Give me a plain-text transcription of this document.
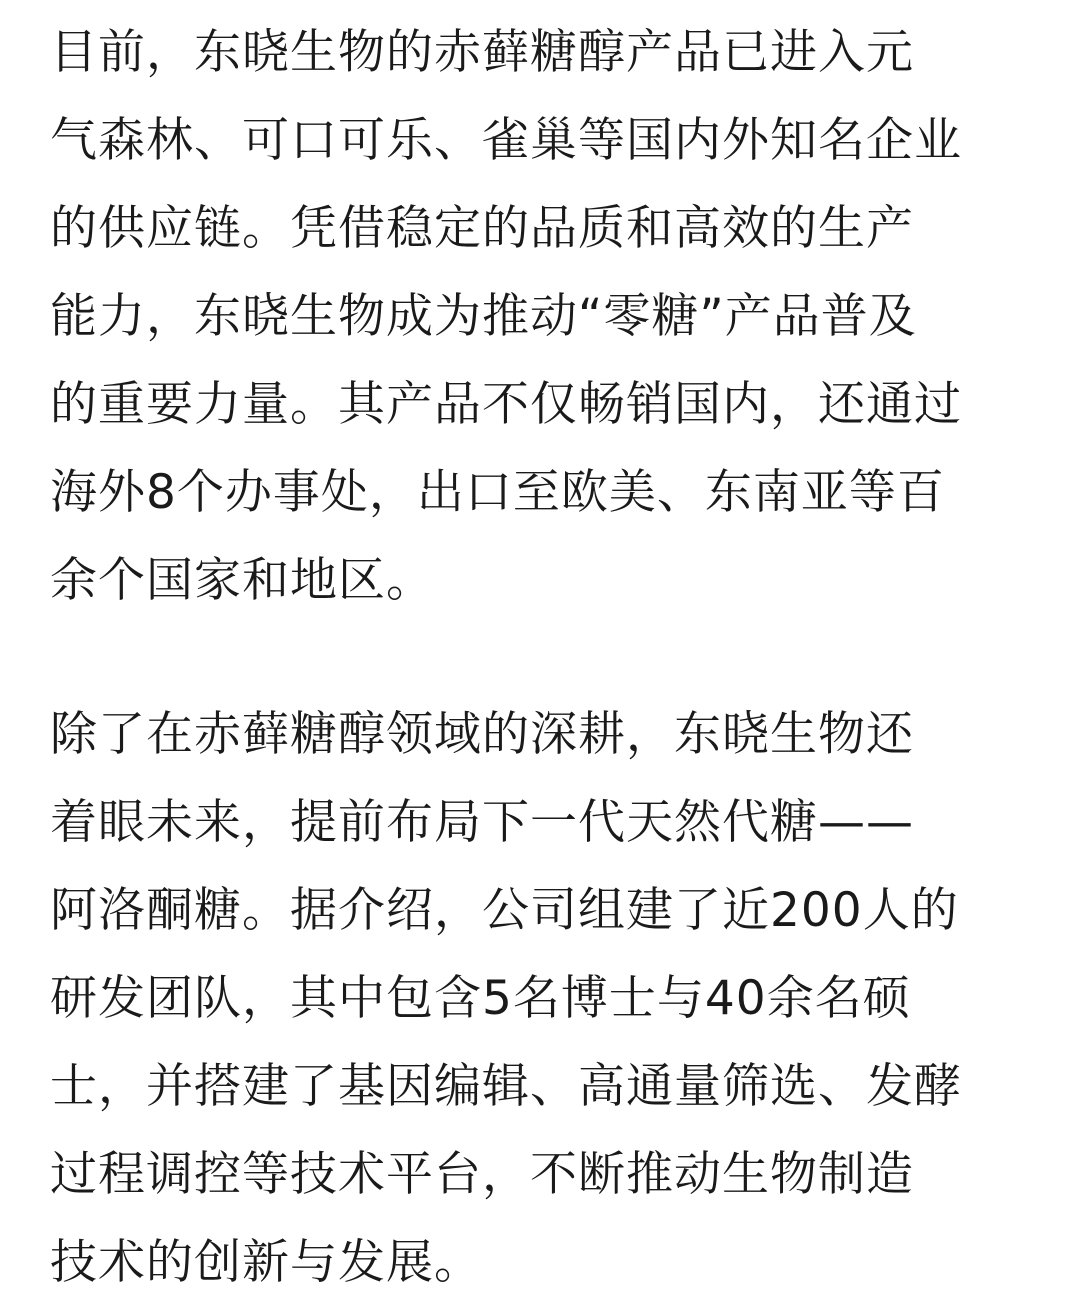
目前，东晓生物的赤藓糖醇产品已进入元
气森林、可口可乐、雀巢等国内外知名企业
的供应链。凭借稳定的品质和高效的生产
能力，东晓生物成为推动“零糖”产品普及
的重要力量。其产品不仅畅销国内，还通过
海外8个办事处，出口至欧美、东南亚等百
余个国家和地区。
除了在赤藓糖醇领域的深耕，东晓生物还
着眼未来，提前布局下一代天然代糖——
阿洛酮糖。据介绍，公司组建了近200人的
研发团队，其中包含5名博士与40余名硕
士，并搭建了基因编辑、高通量筛选、发酵
过程调控等技术平台，不断推动生物制造
技术的创新与发展。
